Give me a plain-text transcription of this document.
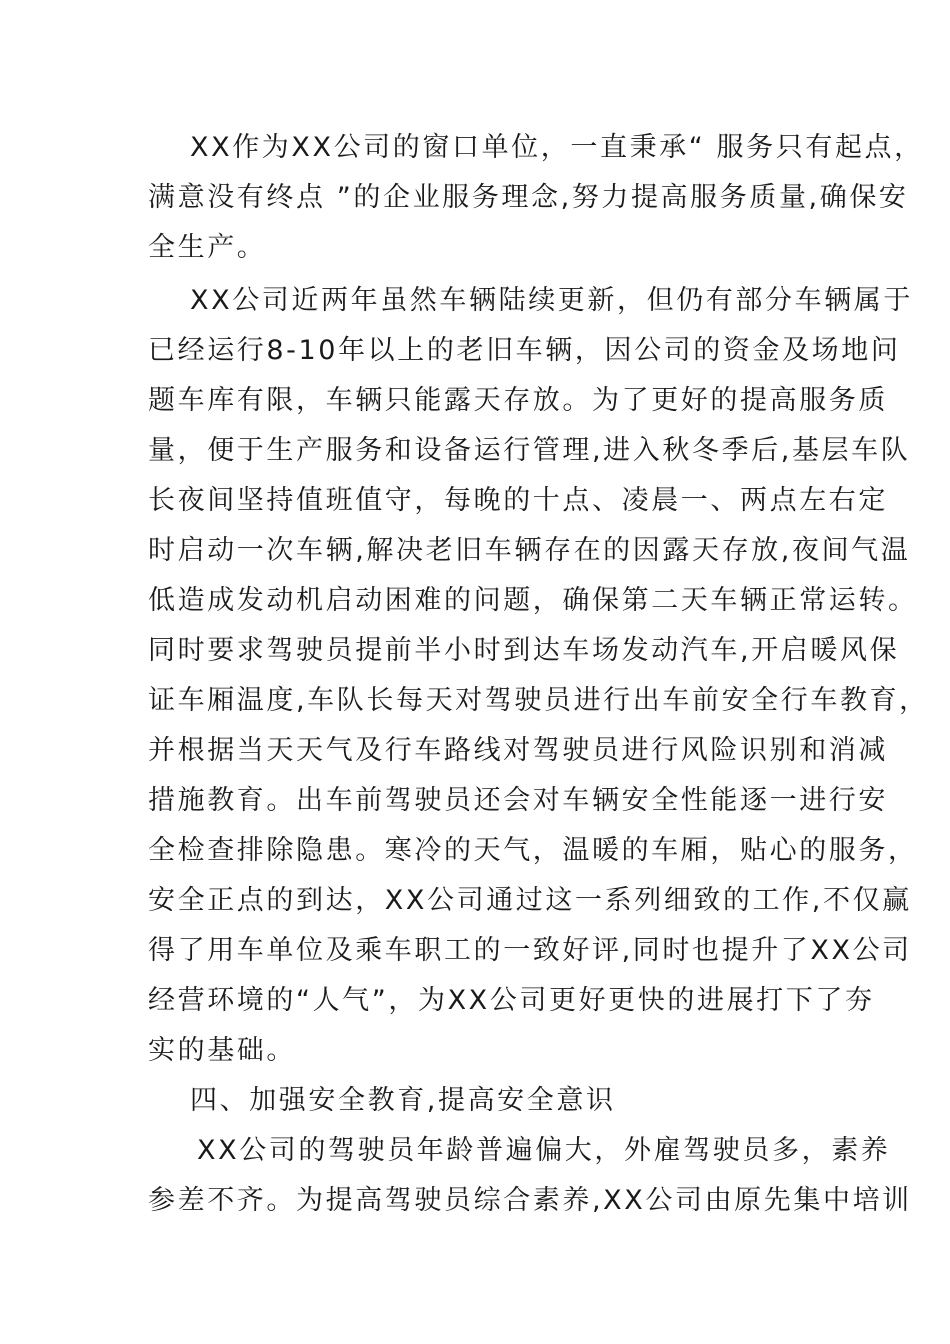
XX作为XX公司的窗口单位，一直秉承“ 服务只有起点，
满意没有终点 ”的企业服务理念,努力提高服务质量,确保安
全生产。
XX公司近两年虽然车辆陆续更新，但仍有部分车辆属于
已经运行8-10年以上的老旧车辆，因公司的资金及场地问
题车库有限，车辆只能露天存放。为了更好的提高服务质
量，便于生产服务和设备运行管理,进入秋冬季后,基层车队
长夜间坚持值班值守，每晚的十点、凌晨一、两点左右定
时启动一次车辆,解决老旧车辆存在的因露天存放,夜间气温
低造成发动机启动困难的问题，确保第二天车辆正常运转。
同时要求驾驶员提前半小时到达车场发动汽车,开启暖风保
证车厢温度,车队长每天对驾驶员进行出车前安全行车教育，
并根据当天天气及行车路线对驾驶员进行风险识别和消减
措施教育。出车前驾驶员还会对车辆安全性能逐一进行安
全检查排除隐患。寒冷的天气，温暖的车厢，贴心的服务，
安全正点的到达，XX公司通过这一系列细致的工作,不仅赢
得了用车单位及乘车职工的一致好评,同时也提升了XX公司
经营环境的“人气”，为XX公司更好更快的进展打下了夯
实的基础。
四、加强安全教育,提高安全意识
XX公司的驾驶员年龄普遍偏大，外雇驾驶员多，素养
参差不齐。为提高驾驶员综合素养,XX公司由原先集中培训
